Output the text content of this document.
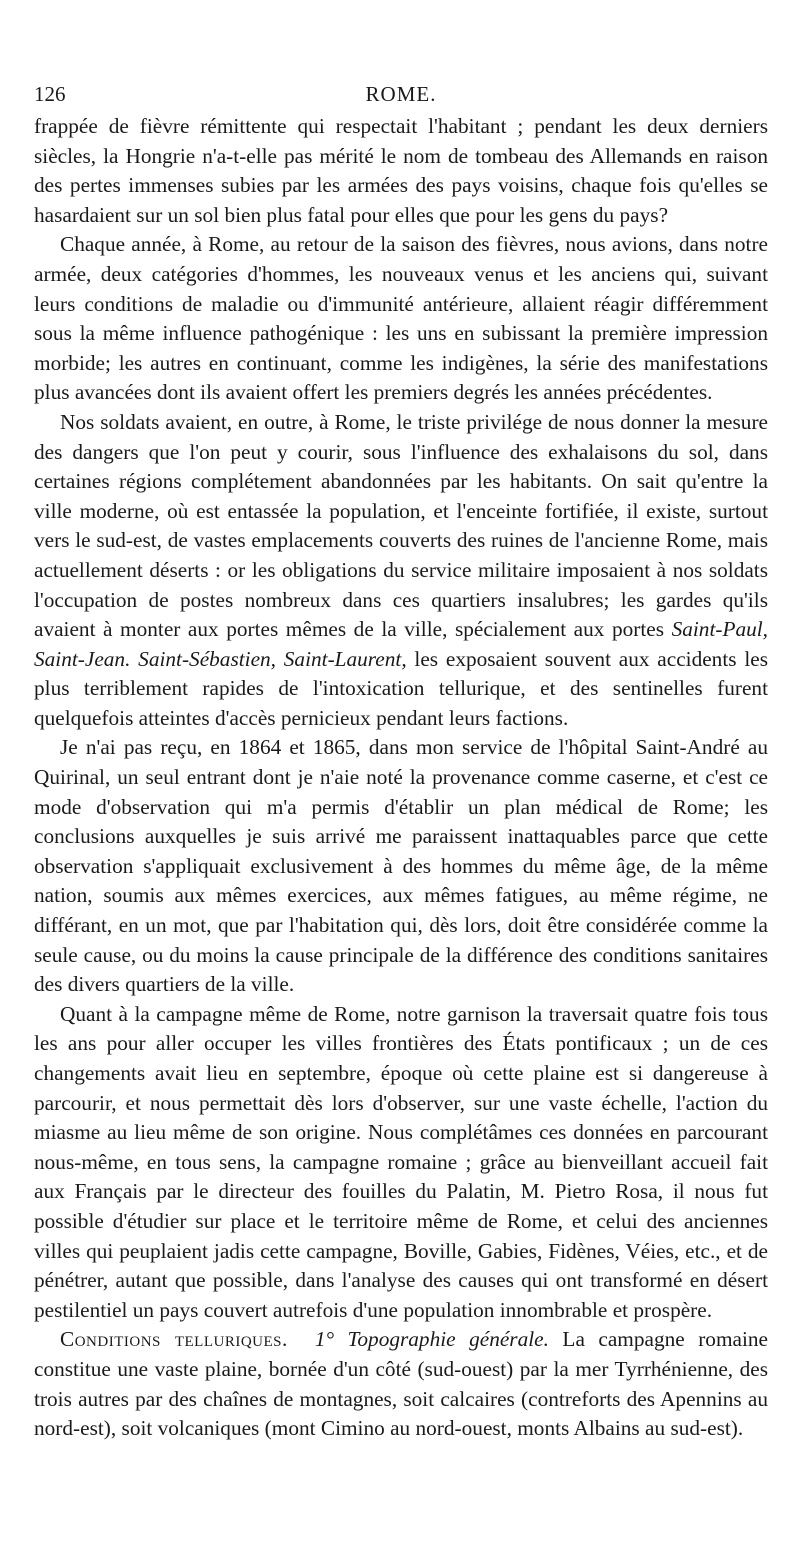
126	ROME.

frappée de fièvre rémittente qui respectait l'habitant ; pendant les deux derniers siècles, la Hongrie n'a-t-elle pas mérité le nom de tombeau des Allemands en raison des pertes immenses subies par les armées des pays voisins, chaque fois qu'elles se hasardaient sur un sol bien plus fatal pour elles que pour les gens du pays?

Chaque année, à Rome, au retour de la saison des fièvres, nous avions, dans notre armée, deux catégories d'hommes, les nouveaux venus et les anciens qui, suivant leurs conditions de maladie ou d'immunité antérieure, allaient réagir différemment sous la même influence pathogénique : les uns en subissant la première impression morbide; les autres en continuant, comme les indigènes, la série des manifestations plus avancées dont ils avaient offert les premiers degrés les années précédentes.

Nos soldats avaient, en outre, à Rome, le triste privilége de nous donner la mesure des dangers que l'on peut y courir, sous l'influence des exhalaisons du sol, dans certaines régions complétement abandonnées par les habitants. On sait qu'entre la ville moderne, où est entassée la population, et l'enceinte fortifiée, il existe, surtout vers le sud-est, de vastes emplacements couverts des ruines de l'ancienne Rome, mais actuellement déserts : or les obligations du service militaire imposaient à nos soldats l'occupation de postes nombreux dans ces quartiers insalubres; les gardes qu'ils avaient à monter aux portes mêmes de la ville, spécialement aux portes Saint-Paul, Saint-Jean. Saint-Sébastien, Saint-Laurent, les exposaient souvent aux accidents les plus terriblement rapides de l'intoxication tellurique, et des sentinelles furent quelquefois atteintes d'accès pernicieux pendant leurs factions.

Je n'ai pas reçu, en 1864 et 1865, dans mon service de l'hôpital Saint-André au Quirinal, un seul entrant dont je n'aie noté la provenance comme caserne, et c'est ce mode d'observation qui m'a permis d'établir un plan médical de Rome; les conclusions auxquelles je suis arrivé me paraissent inattaquables parce que cette observation s'appliquait exclusivement à des hommes du même âge, de la même nation, soumis aux mêmes exercices, aux mêmes fatigues, au même régime, ne différant, en un mot, que par l'habitation qui, dès lors, doit être considérée comme la seule cause, ou du moins la cause principale de la différence des conditions sanitaires des divers quartiers de la ville.

Quant à la campagne même de Rome, notre garnison la traversait quatre fois tous les ans pour aller occuper les villes frontières des États pontificaux ; un de ces changements avait lieu en septembre, époque où cette plaine est si dangereuse à parcourir, et nous permettait dès lors d'observer, sur une vaste échelle, l'action du miasme au lieu même de son origine. Nous complétâmes ces données en parcourant nous-même, en tous sens, la campagne romaine ; grâce au bienveillant accueil fait aux Français par le directeur des fouilles du Palatin, M. Pietro Rosa, il nous fut possible d'étudier sur place et le territoire même de Rome, et celui des anciennes villes qui peuplaient jadis cette campagne, Boville, Gabies, Fidènes, Véies, etc., et de pénétrer, autant que possible, dans l'analyse des causes qui ont transformé en désert pestilentiel un pays couvert autrefois d'une population innombrable et prospère.

Conditions telluriques. 1° Topographie générale. La campagne romaine constitue une vaste plaine, bornée d'un côté (sud-ouest) par la mer Tyrrhénienne, des trois autres par des chaînes de montagnes, soit calcaires (contreforts des Apennins au nord-est), soit volcaniques (mont Cimino au nord-ouest, monts Albains au sud-est).
